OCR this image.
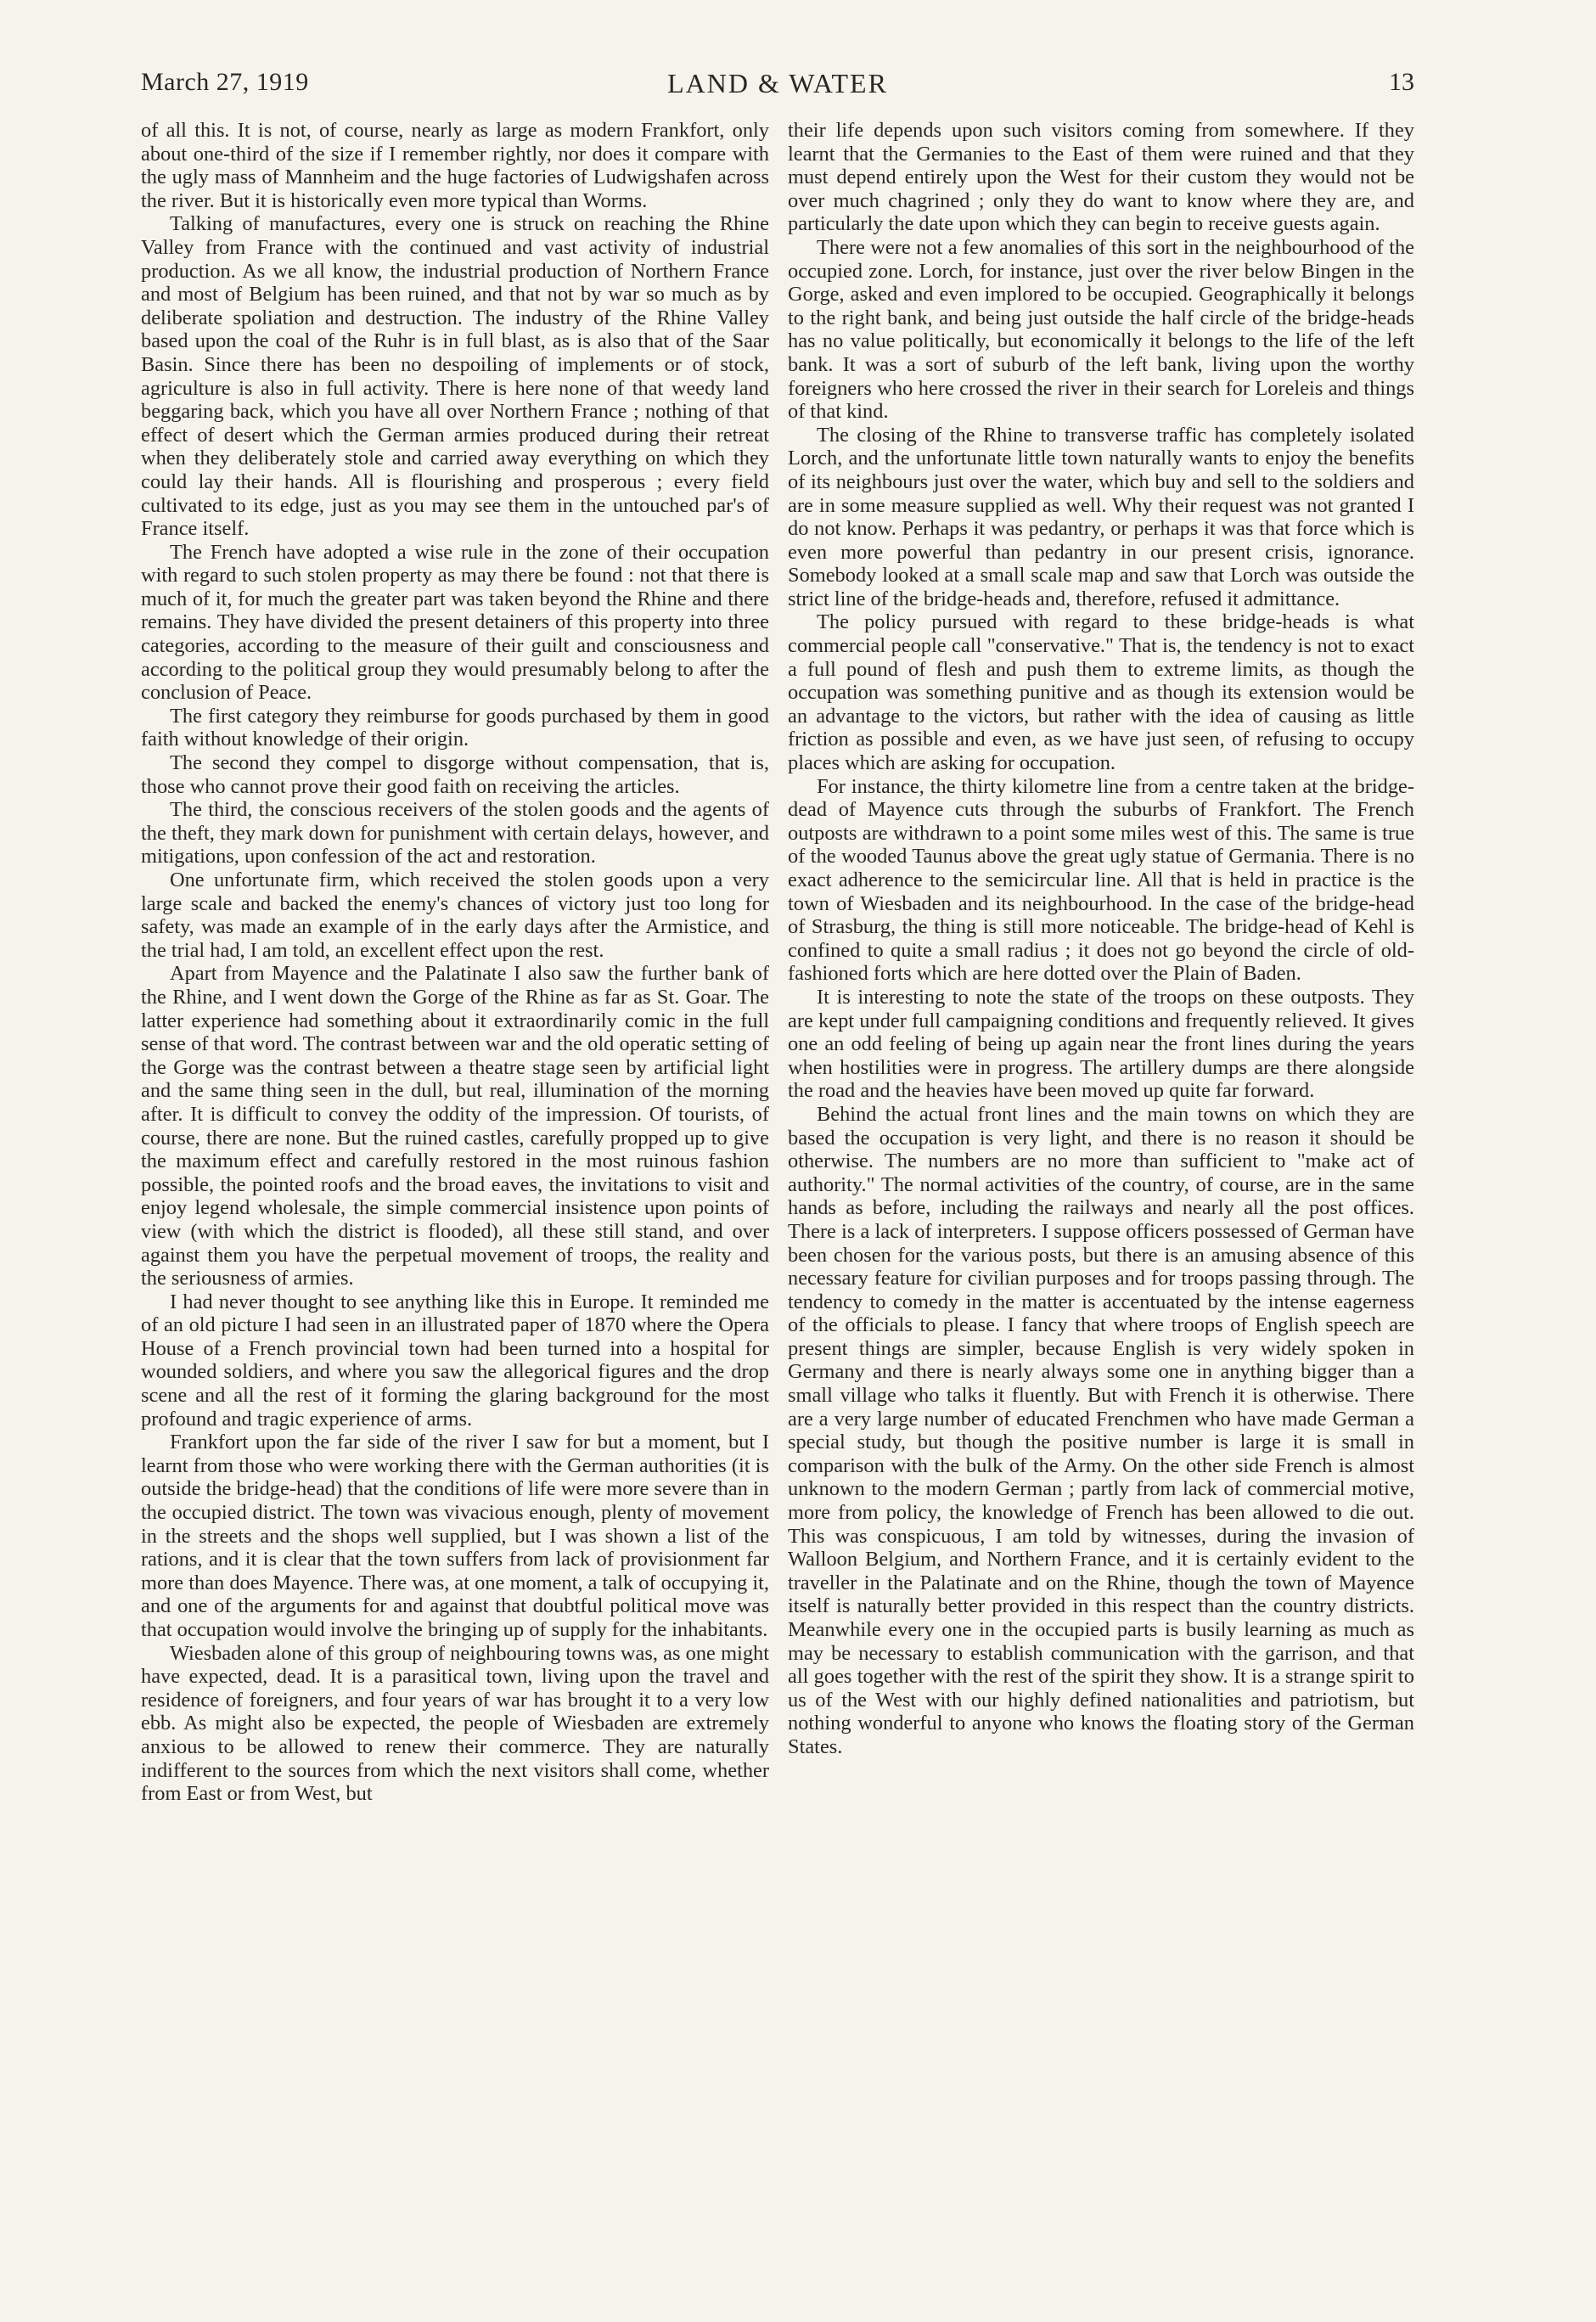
March 27, 1919	LAND & WATER	13

of all this. It is not, of course, nearly as large as modern Frankfort, only about one-third of the size if I remember rightly, nor does it compare with the ugly mass of Mannheim and the huge factories of Ludwigshafen across the river. But it is historically even more typical than Worms.

Talking of manufactures, every one is struck on reaching the Rhine Valley from France with the continued and vast activity of industrial production. As we all know, the industrial production of Northern France and most of Belgium has been ruined, and that not by war so much as by deliberate spoliation and destruction. The industry of the Rhine Valley based upon the coal of the Ruhr is in full blast, as is also that of the Saar Basin. Since there has been no despoiling of implements or of stock, agriculture is also in full activity. There is here none of that weedy land beggaring back, which you have all over Northern France ; nothing of that effect of desert which the German armies produced during their retreat when they deliberately stole and carried away everything on which they could lay their hands. All is flourishing and prosperous ; every field cultivated to its edge, just as you may see them in the untouched par's of France itself.

The French have adopted a wise rule in the zone of their occupation with regard to such stolen property as may there be found : not that there is much of it, for much the greater part was taken beyond the Rhine and there remains. They have divided the present detainers of this property into three categories, according to the measure of their guilt and consciousness and according to the political group they would presumably belong to after the conclusion of Peace.

The first category they reimburse for goods purchased by them in good faith without knowledge of their origin.

The second they compel to disgorge without compensation, that is, those who cannot prove their good faith on receiving the articles.

The third, the conscious receivers of the stolen goods and the agents of the theft, they mark down for punishment with certain delays, however, and mitigations, upon confession of the act and restoration.

One unfortunate firm, which received the stolen goods upon a very large scale and backed the enemy's chances of victory just too long for safety, was made an example of in the early days after the Armistice, and the trial had, I am told, an excellent effect upon the rest.

Apart from Mayence and the Palatinate I also saw the further bank of the Rhine, and I went down the Gorge of the Rhine as far as St. Goar. The latter experience had something about it extraordinarily comic in the full sense of that word. The contrast between war and the old operatic setting of the Gorge was the contrast between a theatre stage seen by artificial light and the same thing seen in the dull, but real, illumination of the morning after. It is difficult to convey the oddity of the impression. Of tourists, of course, there are none. But the ruined castles, carefully propped up to give the maximum effect and carefully restored in the most ruinous fashion possible, the pointed roofs and the broad eaves, the invitations to visit and enjoy legend wholesale, the simple commercial insistence upon points of view (with which the district is flooded), all these still stand, and over against them you have the perpetual movement of troops, the reality and the seriousness of armies.

I had never thought to see anything like this in Europe. It reminded me of an old picture I had seen in an illustrated paper of 1870 where the Opera House of a French provincial town had been turned into a hospital for wounded soldiers, and where you saw the allegorical figures and the drop scene and all the rest of it forming the glaring background for the most profound and tragic experience of arms.

Frankfort upon the far side of the river I saw for but a moment, but I learnt from those who were working there with the German authorities (it is outside the bridge-head) that the conditions of life were more severe than in the occupied district. The town was vivacious enough, plenty of movement in the streets and the shops well supplied, but I was shown a list of the rations, and it is clear that the town suffers from lack of provisionment far more than does Mayence. There was, at one moment, a talk of occupying it, and one of the arguments for and against that doubtful political move was that occupation would involve the bringing up of supply for the inhabitants.

Wiesbaden alone of this group of neighbouring towns was, as one might have expected, dead. It is a parasitical town, living upon the travel and residence of foreigners, and four years of war has brought it to a very low ebb. As might also be expected, the people of Wiesbaden are extremely anxious to be allowed to renew their commerce. They are naturally indifferent to the sources from which the next visitors shall come, whether from East or from West, but

their life depends upon such visitors coming from somewhere. If they learnt that the Germanies to the East of them were ruined and that they must depend entirely upon the West for their custom they would not be over much chagrined ; only they do want to know where they are, and particularly the date upon which they can begin to receive guests again.

There were not a few anomalies of this sort in the neighbourhood of the occupied zone. Lorch, for instance, just over the river below Bingen in the Gorge, asked and even implored to be occupied. Geographically it belongs to the right bank, and being just outside the half circle of the bridge-heads has no value politically, but economically it belongs to the life of the left bank. It was a sort of suburb of the left bank, living upon the worthy foreigners who here crossed the river in their search for Loreleis and things of that kind.

The closing of the Rhine to transverse traffic has completely isolated Lorch, and the unfortunate little town naturally wants to enjoy the benefits of its neighbours just over the water, which buy and sell to the soldiers and are in some measure supplied as well. Why their request was not granted I do not know. Perhaps it was pedantry, or perhaps it was that force which is even more powerful than pedantry in our present crisis, ignorance. Somebody looked at a small scale map and saw that Lorch was outside the strict line of the bridge-heads and, therefore, refused it admittance.

The policy pursued with regard to these bridge-heads is what commercial people call "conservative." That is, the tendency is not to exact a full pound of flesh and push them to extreme limits, as though the occupation was something punitive and as though its extension would be an advantage to the victors, but rather with the idea of causing as little friction as possible and even, as we have just seen, of refusing to occupy places which are asking for occupation.

For instance, the thirty kilometre line from a centre taken at the bridge-dead of Mayence cuts through the suburbs of Frankfort. The French outposts are withdrawn to a point some miles west of this. The same is true of the wooded Taunus above the great ugly statue of Germania. There is no exact adherence to the semicircular line. All that is held in practice is the town of Wiesbaden and its neighbourhood. In the case of the bridge-head of Strasburg, the thing is still more noticeable. The bridge-head of Kehl is confined to quite a small radius ; it does not go beyond the circle of old-fashioned forts which are here dotted over the Plain of Baden.

It is interesting to note the state of the troops on these outposts. They are kept under full campaigning conditions and frequently relieved. It gives one an odd feeling of being up again near the front lines during the years when hostilities were in progress. The artillery dumps are there alongside the road and the heavies have been moved up quite far forward.

Behind the actual front lines and the main towns on which they are based the occupation is very light, and there is no reason it should be otherwise. The numbers are no more than sufficient to "make act of authority." The normal activities of the country, of course, are in the same hands as before, including the railways and nearly all the post offices. There is a lack of interpreters. I suppose officers possessed of German have been chosen for the various posts, but there is an amusing absence of this necessary feature for civilian purposes and for troops passing through. The tendency to comedy in the matter is accentuated by the intense eagerness of the officials to please. I fancy that where troops of English speech are present things are simpler, because English is very widely spoken in Germany and there is nearly always some one in anything bigger than a small village who talks it fluently. But with French it is otherwise. There are a very large number of educated Frenchmen who have made German a special study, but though the positive number is large it is small in comparison with the bulk of the Army. On the other side French is almost unknown to the modern German ; partly from lack of commercial motive, more from policy, the knowledge of French has been allowed to die out. This was conspicuous, I am told by witnesses, during the invasion of Walloon Belgium, and Northern France, and it is certainly evident to the traveller in the Palatinate and on the Rhine, though the town of Mayence itself is naturally better provided in this respect than the country districts. Meanwhile every one in the occupied parts is busily learning as much as may be necessary to establish communication with the garrison, and that all goes together with the rest of the spirit they show. It is a strange spirit to us of the West with our highly defined nationalities and patriotism, but nothing wonderful to anyone who knows the floating story of the German States.
